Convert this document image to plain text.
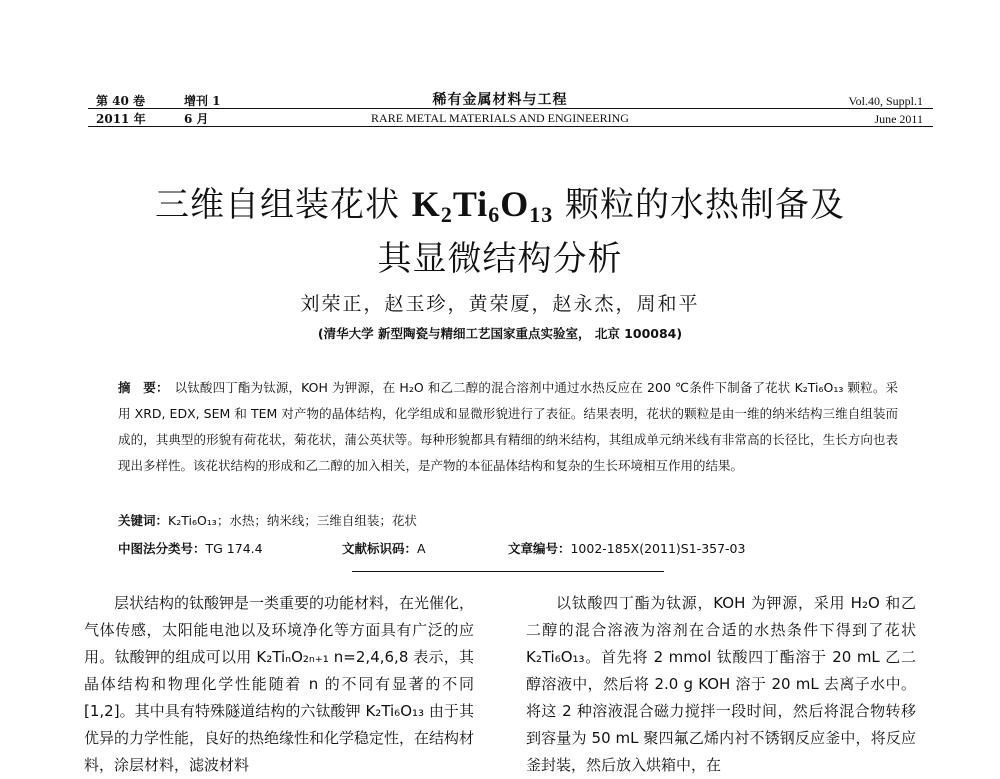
第 40 卷	增刊 1
2011 年	6 月
稀有金属材料与工程
RARE METAL MATERIALS AND ENGINEERING
Vol.40, Suppl.1
June 2011
三维自组装花状 $K_2Ti_6O_{13}$ 颗粒的水热制备及
其显微结构分析
刘荣正，赵玉珍，黄荣厦，赵永杰，周和平
(清华大学 新型陶瓷与精细工艺国家重点实验室， 北京 100084)
摘　要： 以钛酸四丁酯为钛源，KOH 为钾源，在 H₂O 和乙二醇的混合溶剂中通过水热反应在 200 ℃条件下制备了花状 K₂Ti₆O₁₃ 颗粒。采用 XRD, EDX, SEM 和 TEM 对产物的晶体结构，化学组成和显微形貌进行了表征。结果表明，花状的颗粒是由一维的纳米结构三维自组装而成的，其典型的形貌有荷花状，菊花状，蒲公英状等。每种形貌都具有精细的纳米结构，其组成单元纳米线有非常高的长径比，生长方向也表现出多样性。该花状结构的形成和乙二醇的加入相关，是产物的本征晶体结构和复杂的生长环境相互作用的结果。
关键词：K₂Ti₆O₁₃；水热；纳米线；三维自组装；花状
中图法分类号：TG 174.4	文献标识码：A	文章编号：1002-185X(2011)S1-357-03

层状结构的钛酸钾是一类重要的功能材料，在光催化，气体传感，太阳能电池以及环境净化等方面具有广泛的应用。钛酸钾的组成可以用 K₂TiₙO₂ₙ₊₁ n=2,4,6,8 表示，其晶体结构和物理化学性能随着 n 的不同有显著的不同[1,2]。其中具有特殊隧道结构的六钛酸钾 K₂Ti₆O₁₃ 由于其优异的力学性能，良好的热绝缘性和化学稳定性，在结构材料，涂层材料，滤波材料

以钛酸四丁酯为钛源，KOH 为钾源，采用 H₂O 和乙二醇的混合溶液为溶剂在合适的水热条件下得到了花状 K₂Ti₆O₁₃。首先将 2 mmol 钛酸四丁酯溶于 20 mL 乙二醇溶液中，然后将 2.0 g KOH 溶于 20 mL 去离子水中。将这 2 种溶液混合磁力搅拌一段时间，然后将混合物转移到容量为 50 mL 聚四氟乙烯内衬不锈钢反应釜中，将反应釜封装，然后放入烘箱中，在
